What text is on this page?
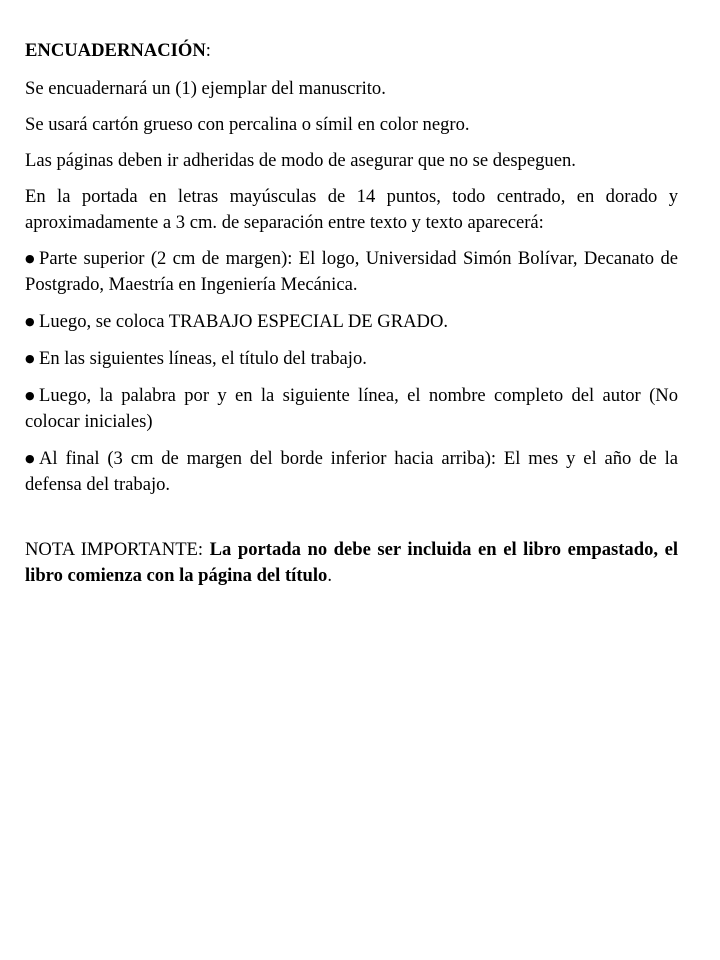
ENCUADERNACIÓN:

Se encuadernará un (1) ejemplar del manuscrito.

Se usará cartón grueso con percalina o símil en color negro.

Las páginas deben ir adheridas de modo de asegurar que no se despeguen.

En la portada en letras mayúsculas de 14 puntos, todo centrado, en dorado y aproximadamente a 3 cm. de separación entre texto y texto aparecerá:

● Parte superior (2 cm de margen): El logo, Universidad Simón Bolívar, Decanato de Postgrado, Maestría en Ingeniería Mecánica.

● Luego, se coloca TRABAJO ESPECIAL DE GRADO.

● En las siguientes líneas, el título del trabajo.

● Luego, la palabra por y en la siguiente línea, el nombre completo del autor (No colocar iniciales)

● Al final (3 cm de margen del borde inferior hacia arriba): El mes y el año de la defensa del trabajo.

NOTA IMPORTANTE: La portada no debe ser incluida en el libro empastado, el libro comienza con la página del título.
